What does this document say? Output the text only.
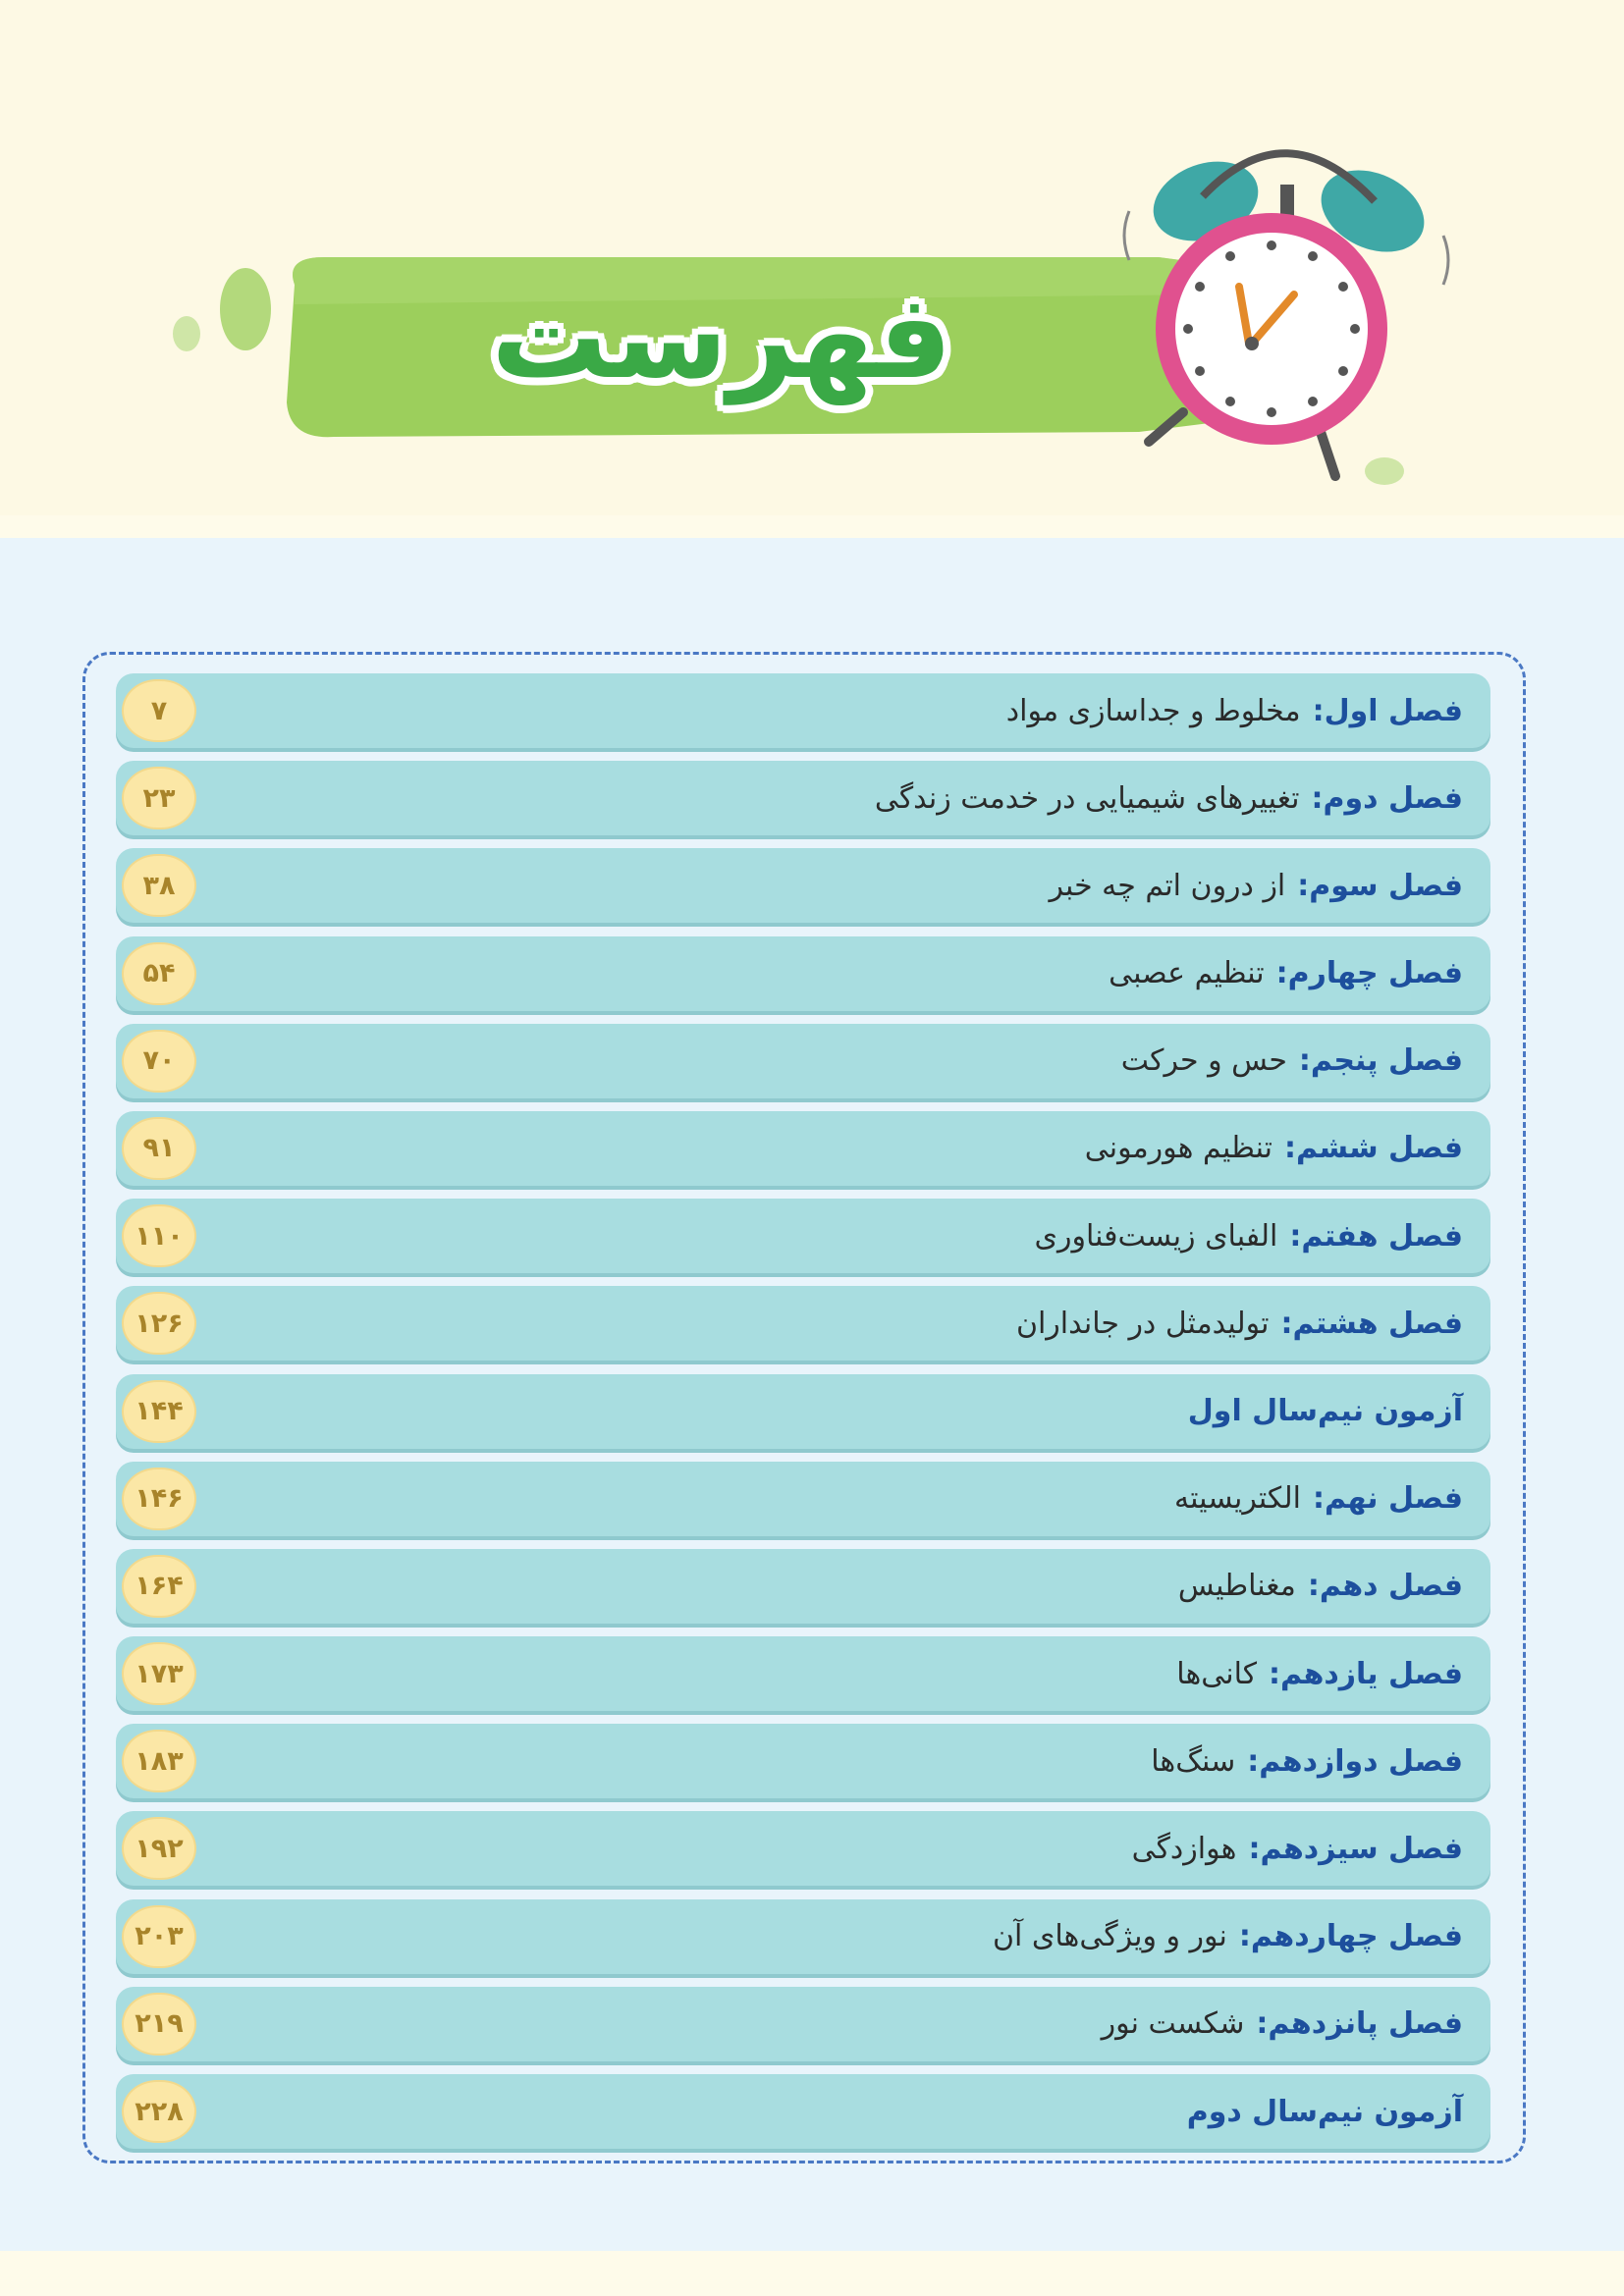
فهرست
فصل اول
:
مخلوط و جداسازی مواد
۷
فصل دوم
:
تغییرهای شیمیایی در خدمت زندگی
۲۳
فصل سوم
:
از درون اتم چه خبر
۳۸
فصل چهارم
:
تنظیم عصبی
۵۴
فصل پنجم
:
حس و حرکت
۷۰
فصل ششم
:
تنظیم هورمونی
۹۱
فصل هفتم
:
الفبای زیست‌فناوری
۱۱۰
فصل هشتم
:
تولیدمثل در جانداران
۱۲۶
آزمون نیم‌سال اول
۱۴۴
فصل نهم
:
الکتریسیته
۱۴۶
فصل دهم
:
مغناطیس
۱۶۴
فصل یازدهم
:
کانی‌ها
۱۷۳
فصل دوازدهم
:
سنگ‌ها
۱۸۳
فصل سیزدهم
:
هوازدگی
۱۹۲
فصل چهاردهم
:
نور و ویژگی‌های آن
۲۰۳
فصل پانزدهم
:
شکست نور
۲۱۹
آزمون نیم‌سال دوم
۲۲۸
